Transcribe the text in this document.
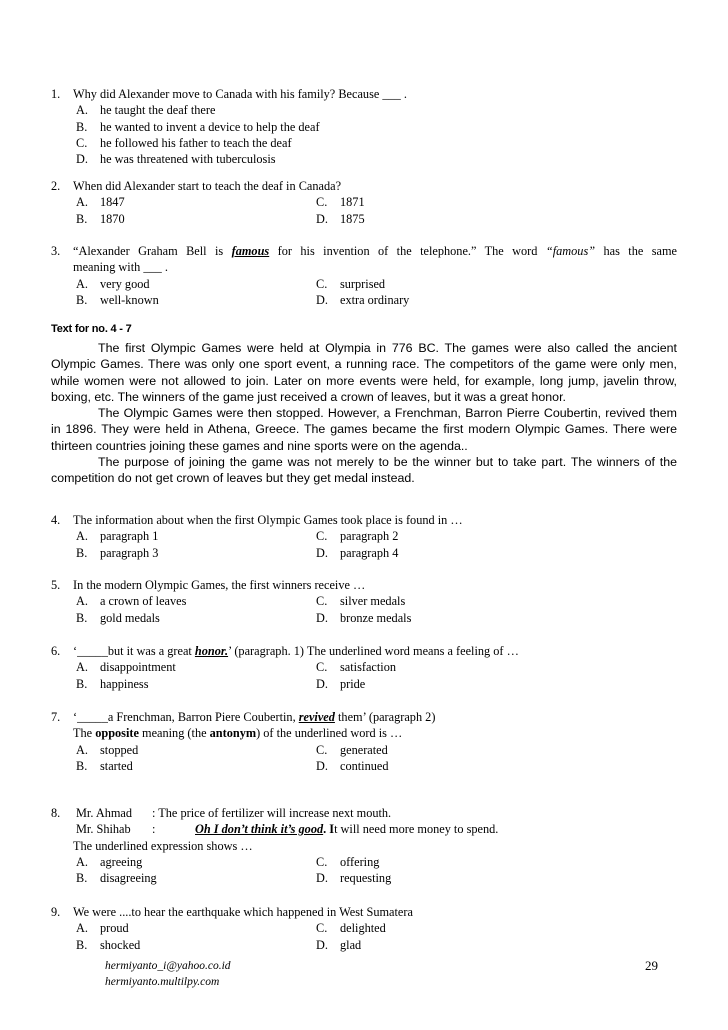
1. Why did Alexander move to Canada with his family? Because ___ .
A. he taught the deaf there
B. he wanted to invent a device to help the deaf
C. he followed his father to teach the deaf
D. he was threatened with tuberculosis
2. When did Alexander start to teach the deaf in Canada?
A. 1847	C. 1871
B. 1870	D. 1875
3.	“Alexander Graham Bell is famous for his invention of the telephone.” The word “famous” has the same
meaning with ___ .
A. very good	C. surprised
B. well-known	D. extra ordinary
Text for no. 4 - 7

The first Olympic Games were held at Olympia in 776 BC. The games were also called the ancient Olympic Games. There was only one sport event, a running race. The competitors of the game were only men, while women were not allowed to join. Later on more events were held, for example, long jump, javelin throw, boxing, etc. The winners of the game just received a crown of leaves, but it was a great honor.

The Olympic Games were then stopped. However, a Frenchman, Barron Pierre Coubertin, revived them in 1896. They were held in Athena, Greece. The games became the first modern Olympic Games. There were thirteen countries joining these games and nine sports were on the agenda..

The purpose of joining the game was not merely to be the winner but to take part. The winners of the competition do not get crown of leaves but they get medal instead.

4. The information about when the first Olympic Games took place is found in …
A. paragraph 1	C. paragraph 2
B. paragraph 3	D. paragraph 4
5. In the modern Olympic Games, the first winners receive …
A. a crown of leaves	C. silver medals
B. gold medals	D. bronze medals
6. ‘_____but it was a great honor.’ (paragraph. 1) The underlined word means a feeling of …
A. disappointment	C. satisfaction
B. happiness	D. pride
7. ‘_____a Frenchman, Barron Piere Coubertin, revived them’ (paragraph 2)
The opposite meaning (the antonym) of the underlined word is …
A. stopped	C. generated
B. started	D. continued
8. Mr. Ahmad : The price of fertilizer will increase next mouth.
Mr. Shihab :	Oh I don’t think it’s good. It will need more money to spend.
The underlined expression shows …
A. agreeing	C. offering
B. disagreeing	D. requesting
9. We were ....to hear the earthquake which happened in West Sumatera
A. proud	C. delighted
B. shocked	D. glad
hermiyanto_i@yahoo.co.id
hermiyanto.multilpy.com
29
